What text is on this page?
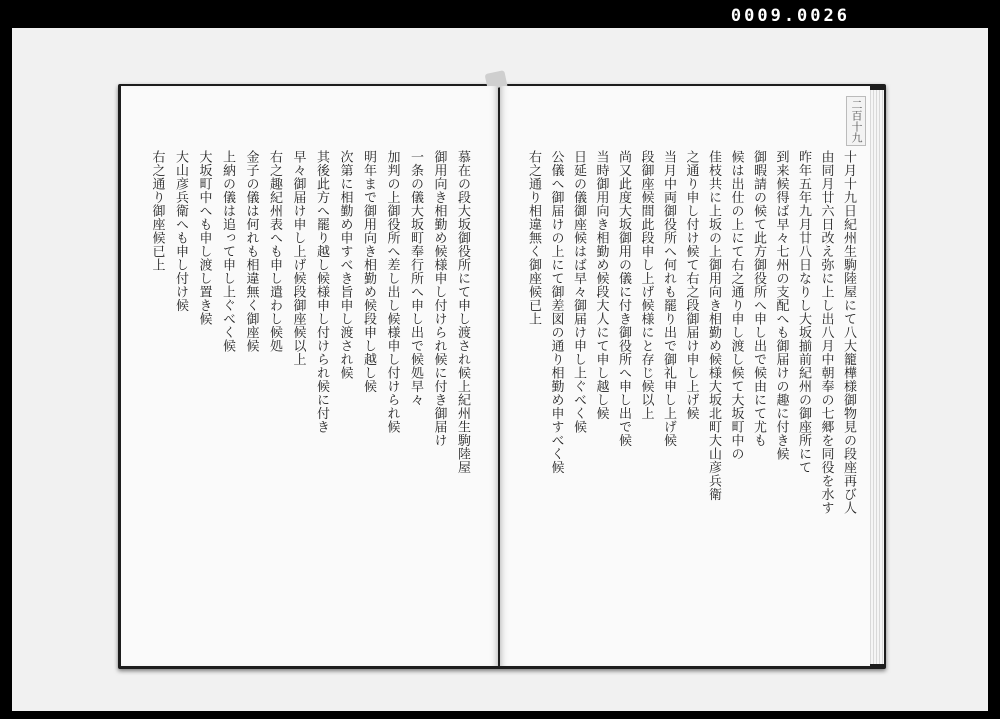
0009.0026
二百十九
十月十九日紀州生駒陸屋にて八大籠樺様御物見の段座再び人
由同月廿六日改え弥に上し出八月中朝奉の七郷を同役を水す
昨年五年九月廿八日なりし大坂揃前紀州の御座所にて
到来候得ば早々七州の支配へも御届けの趣に付き候
御暇請の候て此方御役所へ申し出で候由にて尤も
候は出仕の上にて右之通り申し渡し候て大坂町中の
佳枝共に上坂の上御用向き相勤め候様大坂北町大山彦兵衛
之通り申し付け候て右之段御届け申し上げ候
当月中両御役所へ何れも罷り出で御礼申し上げ候
段御座候間此段申し上げ候様にと存じ候以上
尚又此度大坂御用の儀に付き御役所へ申し出で候
当時御用向き相勤め候段大人にて申し越し候
日延の儀御座候はば早々御届け申し上ぐべく候
公儀へ御届けの上にて御差図の通り相勤め申すべく候
右之通り相違無く御座候已上
慕在の段大坂御役所にて申し渡され候上紀州生駒陸屋
御用向き相勤め候様申し付けられ候に付き御届け
一条の儀大坂町奉行所へ申し出で候処早々
加判の上御役所へ差し出し候様申し付けられ候
明年まで御用向き相勤め候段申し越し候
次第に相勤め申すべき旨申し渡され候
其後此方へ罷り越し候様申し付けられ候に付き
早々御届け申し上げ候段御座候以上
右之趣紀州表へも申し遣わし候処
金子の儀は何れも相違無く御座候
上納の儀は追って申し上ぐべく候
大坂町中へも申し渡し置き候
大山彦兵衛へも申し付け候
右之通り御座候已上
